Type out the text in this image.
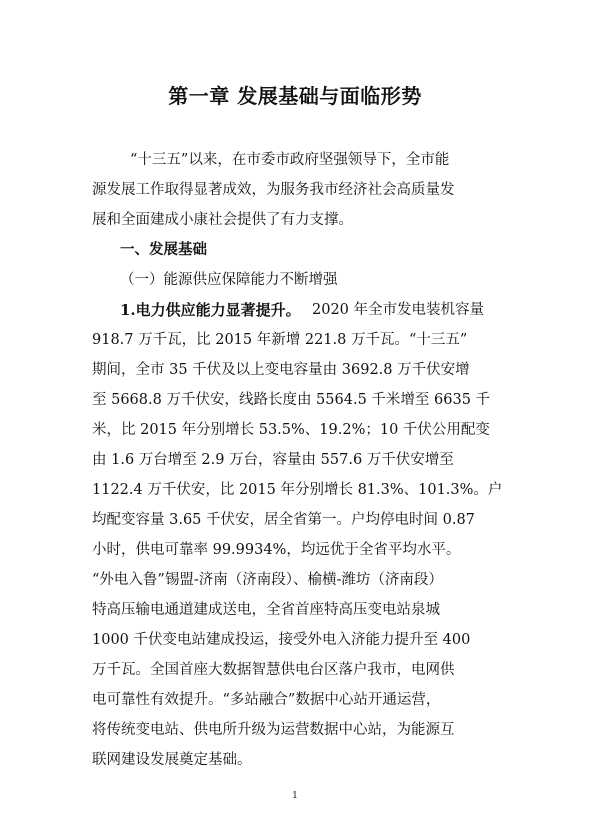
第一章 发展基础与面临形势
“十三五”以来，在市委市政府坚强领导下，全市能
源发展工作取得显著成效，为服务我市经济社会高质量发
展和全面建成小康社会提供了有力支撑。
一、发展基础
（一）能源供应保障能力不断增强
1.电力供应能力显著提升。 2020 年全市发电装机容量
918.7 万千瓦，比 2015 年新增 221.8 万千瓦。“十三五”
期间，全市 35 千伏及以上变电容量由 3692.8 万千伏安增
至 5668.8 万千伏安，线路长度由 5564.5 千米增至 6635 千
米，比 2015 年分别增长 53.5%、19.2%；10 千伏公用配变
由 1.6 万台增至 2.9 万台，容量由 557.6 万千伏安增至
1122.4 万千伏安，比 2015 年分别增长 81.3%、101.3%。户
均配变容量 3.65 千伏安，居全省第一。户均停电时间 0.87
小时，供电可靠率 99.9934%，均远优于全省平均水平。
“外电入鲁”锡盟-济南（济南段）、榆横-潍坊（济南段）
特高压输电通道建成送电，全省首座特高压变电站泉城
1000 千伏变电站建成投运，接受外电入济能力提升至 400
万千瓦。全国首座大数据智慧供电台区落户我市，电网供
电可靠性有效提升。“多站融合”数据中心站开通运营，
将传统变电站、供电所升级为运营数据中心站，为能源互
联网建设发展奠定基础。
1
